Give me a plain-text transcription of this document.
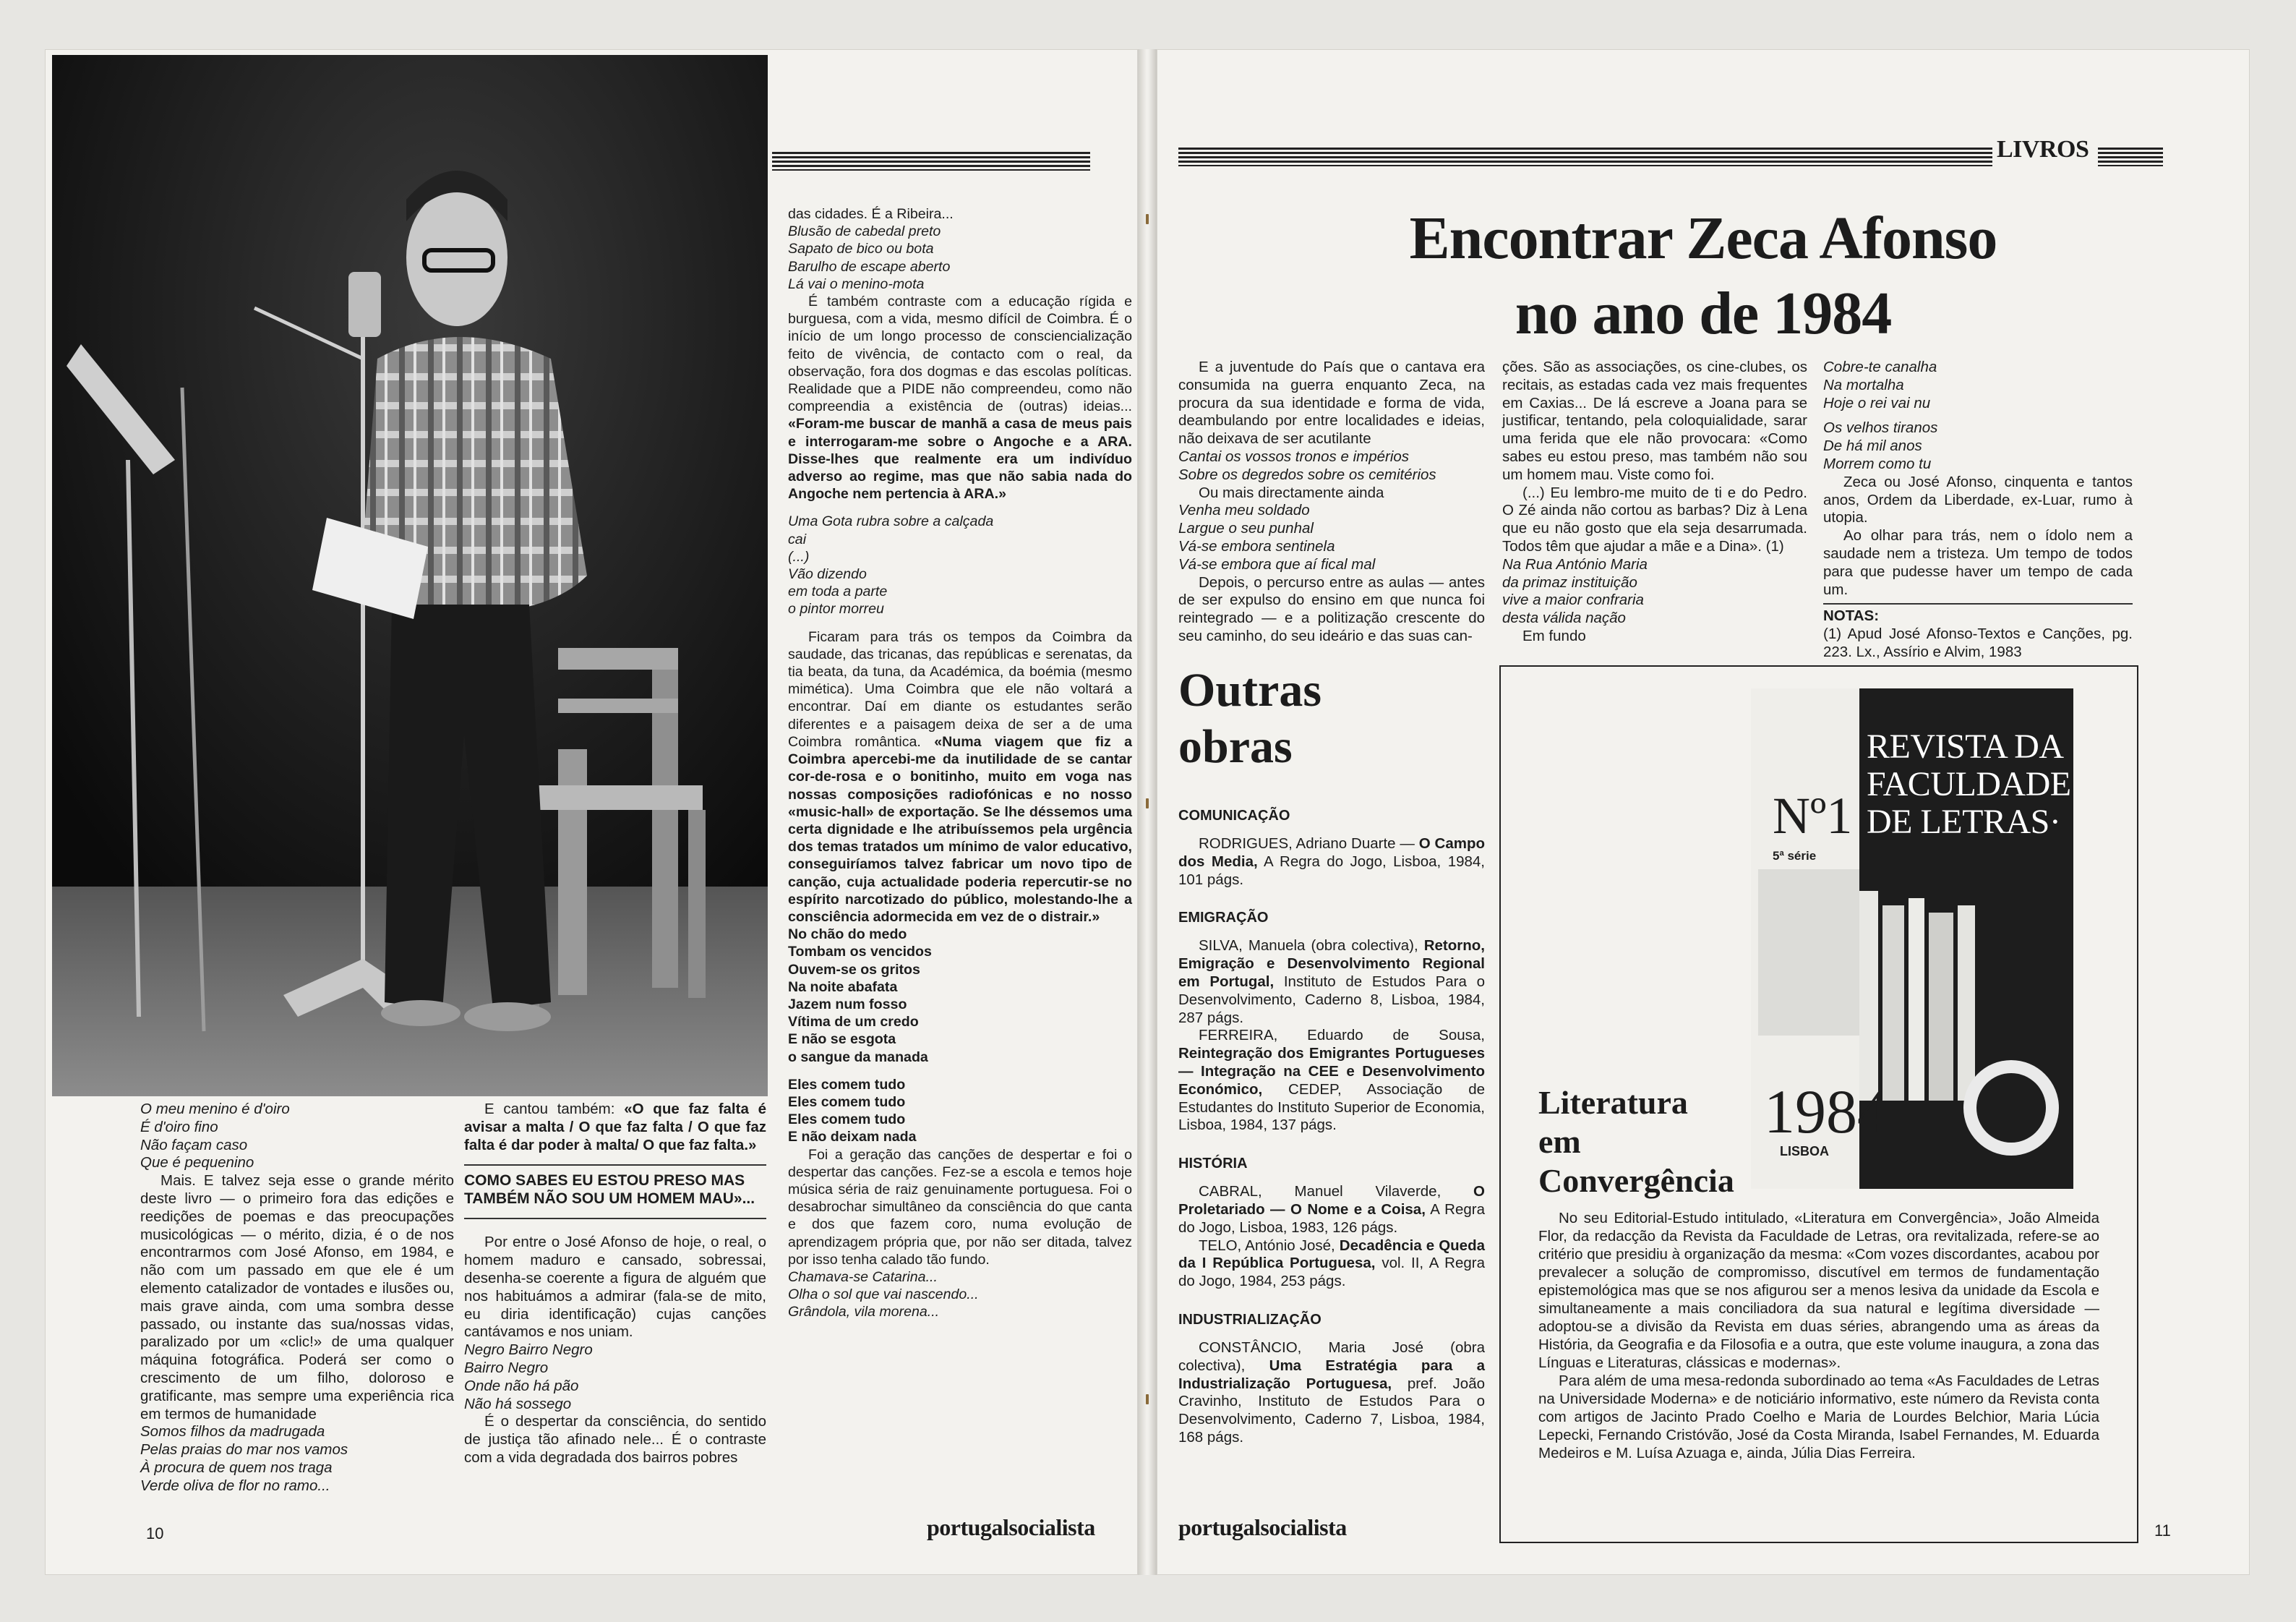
O meu menino é d'oiro

É d'oiro fino

Não façam caso

Que é pequenino

Mais. E talvez seja esse o grande mérito deste livro — o primeiro fora das edições e reedições de poemas e das preocupações musicológicas — o mérito, dizia, é o de nos encontrarmos com José Afonso, em 1984, e não com um passado em que ele é um elemento catalizador de vontades e ilusões ou, mais grave ainda, com uma sombra desse passado, ou instante das sua/nossas vidas, paralizado por um «clic!» de uma qualquer máquina fotográfica. Poderá ser como o crescimento de um filho, doloroso e gratificante, mas sempre uma experiência rica em termos de humanidade

Somos filhos da madrugada

Pelas praias do mar nos vamos

À procura de quem nos traga

Verde oliva de flor no ramo...

E cantou também: «O que faz falta é avisar a malta / O que faz falta / O que faz falta é dar poder à malta/ O que faz falta.»

COMO SABES EU ESTOU PRESO MAS TAMBÉM NÃO SOU UM HOMEM MAU»...

Por entre o José Afonso de hoje, o real, o homem maduro e cansado, sobressai, desenha-se coerente a figura de alguém que nos habituámos a admirar (fala-se de mito, eu diria identificação) cujas canções cantávamos e nos uniam.

Negro Bairro Negro

Bairro Negro

Onde não há pão

Não há sossego

É o despertar da consciência, do sentido de justiça tão afinado nele... É o contraste com a vida degradada dos bairros pobres

das cidades. É a Ribeira...

Blusão de cabedal preto

Sapato de bico ou bota

Barulho de escape aberto

Lá vai o menino-mota

É também contraste com a educação rígida e burguesa, com a vida, mesmo difícil de Coimbra. É o início de um longo processo de consciencialização feito de vivência, de contacto com o real, da observação, fora dos dogmas e das escolas políticas. Realidade que a PIDE não compreendeu, como não compreendia a existência de (outras) ideias... «Foram-me buscar de manhã a casa de meus pais e interrogaram-me sobre o Angoche e a ARA. Disse-lhes que realmente era um indivíduo adverso ao regime, mas que não sabia nada do Angoche nem pertencia à ARA.»

Uma Gota rubra sobre a calçada

cai

(...)

Vão dizendo

em toda a parte

o pintor morreu

Ficaram para trás os tempos da Coimbra da saudade, das tricanas, das repúblicas e serenatas, da tia beata, da tuna, da Académica, da boémia (mesmo mimética). Uma Coimbra que ele não voltará a encontrar. Daí em diante os estudantes serão diferentes e a paisagem deixa de ser a de uma Coimbra romântica. «Numa viagem que fiz a Coimbra apercebi-me da inutilidade de se cantar cor-de-rosa e o bonitinho, muito em voga nas nossas composições radiofónicas e no nosso «music-hall» de exportação. Se lhe déssemos uma certa dignidade e lhe atribuíssemos pela urgência dos temas tratados um mínimo de valor educativo, conseguiríamos talvez fabricar um novo tipo de canção, cuja actualidade poderia repercutir-se no espírito narcotizado do público, molestando-lhe a consciência adormecida em vez de o distrair.»

No chão do medo

Tombam os vencidos

Ouvem-se os gritos

Na noite abafata

Jazem num fosso

Vítima de um credo

E não se esgota

o sangue da manada

Eles comem tudo

Eles comem tudo

Eles comem tudo

E não deixam nada

Foi a geração das canções de despertar e foi o despertar das canções. Fez-se a escola e temos hoje música séria de raiz genuinamente portuguesa. Foi o desabrochar simultâneo da consciência do que canta e dos que fazem coro, numa evolução de aprendizagem própria que, por não ser ditada, talvez por isso tenha calado tão fundo.

Chamava-se Catarina...

Olha o sol que vai nascendo...

Grândola, vila morena...

10	portugalsocialista
LIVROS
Encontrar Zeca Afonso
no ano de 1984

E a juventude do País que o cantava era consumida na guerra enquanto Zeca, na procura da sua identidade e forma de vida, deambulando por entre localidades e ideias, não deixava de ser acutilante

Cantai os vossos tronos e impérios

Sobre os degredos sobre os cemitérios

Ou mais directamente ainda

Venha meu soldado

Largue o seu punhal

Vá-se embora sentinela

Vá-se embora que aí fical mal

Depois, o percurso entre as aulas — antes de ser expulso do ensino em que nunca foi reintegrado — e a politização crescente do seu caminho, do seu ideário e das suas can-

ções. São as associações, os cine-clubes, os recitais, as estadas cada vez mais frequentes em Caxias... De lá escreve a Joana para se justificar, tentando, pela coloquialidade, sarar uma ferida que ele não provocara: «Como sabes eu estou preso, mas também não sou um homem mau. Viste como foi.

(...) Eu lembro-me muito de ti e do Pedro. O Zé ainda não cortou as barbas? Diz à Lena que eu não gosto que ela seja desarrumada. Todos têm que ajudar a mãe e a Dina». (1)

Na Rua António Maria

da primaz instituição

vive a maior confraria

desta válida nação

Em fundo

Cobre-te canalha

Na mortalha

Hoje o rei vai nu

Os velhos tiranos

De há mil anos

Morrem como tu

Zeca ou José Afonso, cinquenta e tantos anos, Ordem da Liberdade, ex-Luar, rumo à utopia.

Ao olhar para trás, nem o ídolo nem a saudade nem a tristeza. Um tempo de todos para que pudesse haver um tempo de cada um.

NOTAS:

(1) Apud José Afonso-Textos e Canções, pg. 223. Lx., Assírio e Alvim, 1983

Outras
obras
COMUNICAÇÃO

RODRIGUES, Adriano Duarte — O Campo dos Media, A Regra do Jogo, Lisboa, 1984, 101 págs.

EMIGRAÇÃO

SILVA, Manuela (obra colectiva), Retorno, Emigração e Desenvolvimento Regional em Portugal, Instituto de Estudos Para o Desenvolvimento, Caderno 8, Lisboa, 1984, 287 págs.

FERREIRA, Eduardo de Sousa, Reintegração dos Emigrantes Portugueses — Integração na CEE e Desenvolvimento Económico, CEDEP, Associação de Estudantes do Instituto Superior de Economia, Lisboa, 1984, 137 págs.

HISTÓRIA

CABRAL, Manuel Vilaverde, O Proletariado — O Nome e a Coisa, A Regra do Jogo, Lisboa, 1983, 126 págs.

TELO, António José, Decadência e Queda da I República Portuguesa, vol. II, A Regra do Jogo, 1984, 253 págs.

INDUSTRIALIZAÇÃO

CONSTÂNCIO, Maria José (obra colectiva), Uma Estratégia para a Industrialização Portuguesa, pref. João Cravinho, Instituto de Estudos Para o Desenvolvimento, Caderno 7, Lisboa, 1984, 168 págs.

Nº1
5ª série
REVISTA DA FACULDADE DE LETRAS·
1984
LISBOA
Literatura
em
Convergência

No seu Editorial-Estudo intitulado, «Literatura em Convergência», João Almeida Flor, da redacção da Revista da Faculdade de Letras, ora revitalizada, refere-se ao critério que presidiu à organização da mesma: «Com vozes discordantes, acabou por prevalecer a solução de compromisso, discutível em termos de fundamentação epistemológica mas que se nos afigurou ser a menos lesiva da unidade da Escola e simultaneamente a mais conciliadora da sua natural e legítima diversidade — adoptou-se a divisão da Revista em duas séries, abrangendo uma as áreas da História, da Geografia e da Filosofia e a outra, que este volume inaugura, a zona das Línguas e Literaturas, clássicas e modernas».

Para além de uma mesa-redonda subordinado ao tema «As Faculdades de Letras na Universidade Moderna» e de noticiário informativo, este número da Revista conta com artigos de Jacinto Prado Coelho e Maria de Lourdes Belchior, Maria Lúcia Lepecki, Fernando Cristóvão, José da Costa Miranda, Isabel Fernandes, M. Eduarda Medeiros e M. Luísa Azuaga e, ainda, Júlia Dias Ferreira.

portugalsocialista	11
